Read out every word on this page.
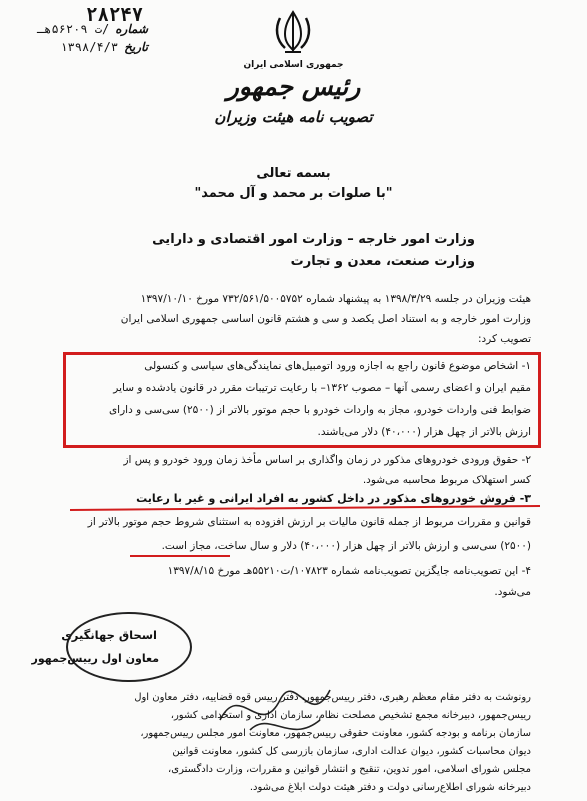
۲۸۲۴۷
شماره
/ت ۵۶۲۰۹هـ
تاریخ
۱۳۹۸/۴/۳
جمهوری اسلامی ایران
رئیس جمهور
تصویب نامه هیئت وزیران
بسمه تعالی
"با صلوات بر محمد و آل محمد"
وزارت امور خارجه – وزارت امور اقتصادی و دارایی
وزارت صنعت، معدن و تجارت
هیئت وزیران در جلسه ۱۳۹۸/۳/۲۹ به پیشنهاد شماره ۷۳۲/۵۶۱/۵۰۰۵۷۵۲ مورخ ۱۳۹۷/۱۰/۱۰
وزارت امور خارجه و به استناد اصل یکصد و سی و هشتم قانون اساسی جمهوری اسلامی ایران
تصویب کرد:
۱- اشخاص موضوع قانون راجع به اجازه ورود اتومبیل‌های نمایندگی‌های سیاسی و کنسولی
مقیم ایران و اعضای رسمی آنها – مصوب ۱۳۶۲– با رعایت ترتیبات مقرر در قانون یادشده و سایر
ضوابط فنی واردات خودرو، مجاز به واردات خودرو با حجم موتور بالاتر از (۲۵۰۰) سی‌سی و دارای
ارزش بالاتر از چهل هزار (۴۰،۰۰۰) دلار می‌باشند.
۲- حقوق ورودی خودروهای مذکور در زمان واگذاری بر اساس مأخذ زمان ورود خودرو و پس از
کسر استهلاک مربوط محاسبه می‌شود.
۳- فروش خودروهای مذکور در داخل کشور به افراد ایرانی و غیر با رعایت
قوانین و مقررات مربوط از جمله قانون مالیات بر ارزش افزوده به استثنای شروط حجم موتور بالاتر از
(۲۵۰۰) سی‌سی و ارزش بالاتر از چهل هزار (۴۰،۰۰۰) دلار و سال ساخت، مجاز است.
۴- این تصویب‌نامه جایگزین تصویب‌نامه شماره ۱۰۷۸۲۳/ت۵۵۲۱۰هـ مورخ ۱۳۹۷/۸/۱۵
می‌شود.
اسحاق جهانگیری
معاون اول رییس‌جمهور
رونوشت به دفتر مقام معظم رهبری، دفتر رییس‌جمهور، دفتر رییس قوه قضاییه، دفتر معاون اول
رییس‌جمهور، دبیرخانه مجمع تشخیص مصلحت نظام، سازمان اداری و استخدامی کشور،
سازمان برنامه و بودجه کشور، معاونت حقوقی رییس‌جمهور، معاونت امور مجلس رییس‌جمهور،
دیوان محاسبات کشور، دیوان عدالت اداری، سازمان بازرسی کل کشور، معاونت قوانین
مجلس شورای اسلامی، امور تدوین، تنقیح و انتشار قوانین و مقررات، وزارت دادگستری،
دبیرخانه شورای اطلاع‌رسانی دولت و دفتر هیئت دولت ابلاغ می‌شود.
